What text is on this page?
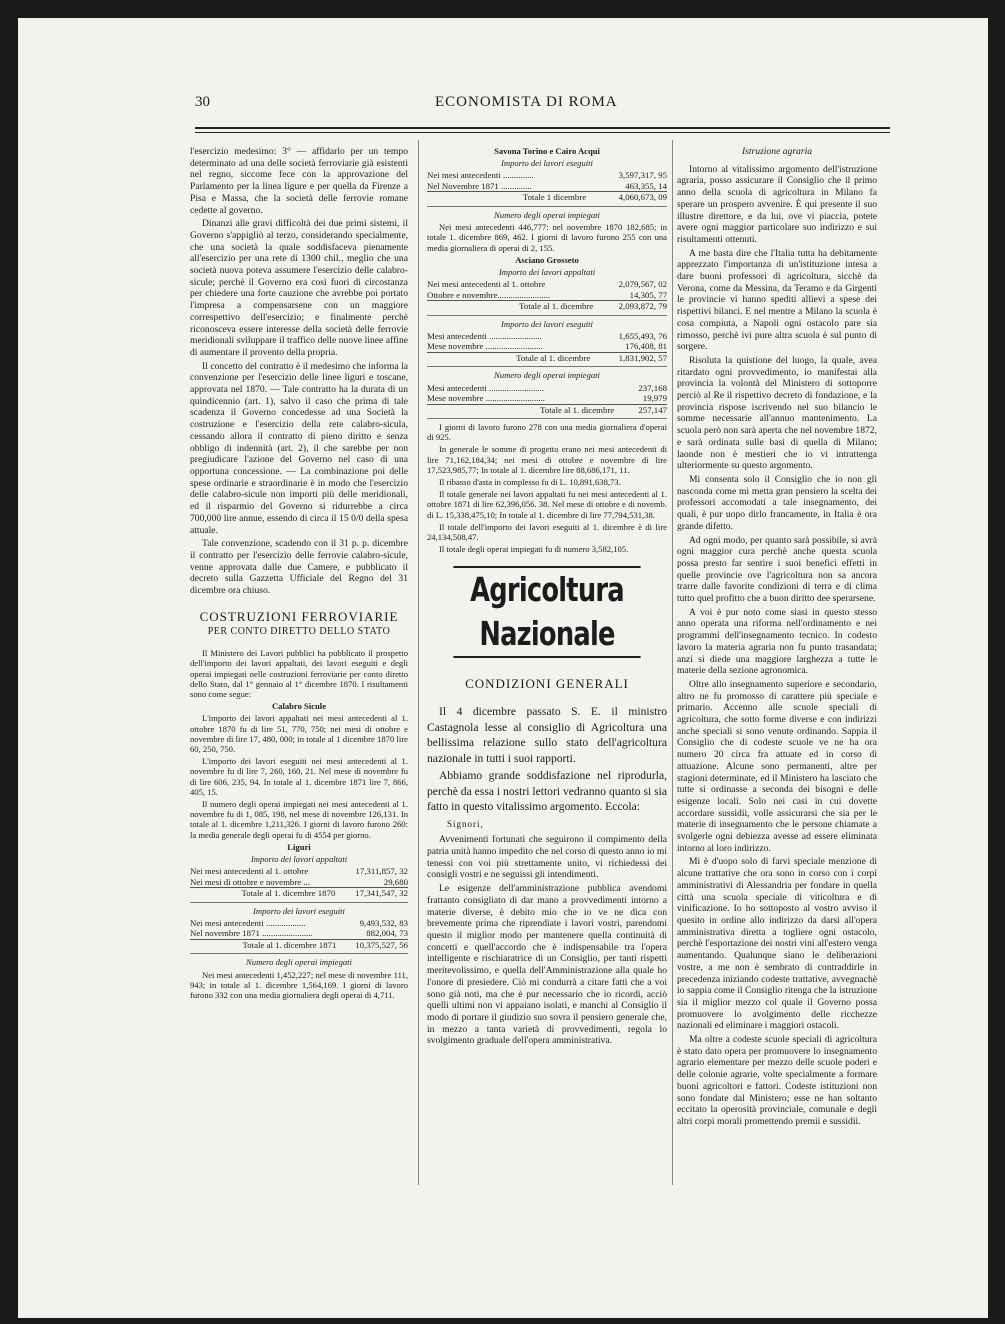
30	ECONOMISTA DI ROMA

l'esercizio medesimo: 3° — affidarlo per un tempo determinato ad una delle società ferroviarie già esistenti nel regno, siccome fece con la approvazione del Parlamento per la linea ligure e per quella da Firenze a Pisa e Massa, che la società delle ferrovie romane cedette al governo.

Dinanzi alle gravi difficoltà dei due primi sistemi, il Governo s'appigliò al terzo, considerando specialmente, che una società la quale soddisfaceva pienamente all'esercizio per una rete di 1300 chil., meglio che una società nuova poteva assumere l'esercizio delle calabro-sicule; perchè il Governo era così fuori di circostanza per chiedere una forte cauzione che avrebbe poi portato l'impresa a compensarsene con un maggiore correspettivo dell'esercizio; e finalmente perchè riconosceva essere interesse della società delle ferrovie meridionali sviluppare il traffico delle nuove linee affine di aumentare il provento della propria.

Il concetto del contratto è il medesimo che informa la convenzione per l'esercizio delle linee liguri e toscane, approvata nel 1870. — Tale contratto ha la durata di un quindicennio (art. 1), salvo il caso che prima di tale scadenza il Governo concedesse ad una Società la costruzione e l'esercizio della rete calabro-sicula, cessando allora il contratto di pieno diritto e senza obbligo di indennità (art. 2), il che sarebbe per non pregiudicare l'azione del Governo nel caso di una opportuna concessione. — La combinazione poi delle spese ordinarie e straordinarie è in modo che l'esercizio delle calabro-sicule non importi più delle meridionali, ed il risparmio del Governo si ridurrebbe a circa 700,000 lire annue, essendo di circa il 15 0/0 della spesa attuale.

Tale convenzione, scadendo con il 31 p. p. dicembre il contratto per l'esercizio delle ferrovie calabro-sicule, venne approvata dalle due Camere, e pubblicato il decreto sulla Gazzetta Ufficiale del Regno del 31 dicembre ora chiuso.

COSTRUZIONI FERROVIARIE
PER CONTO DIRETTO DELLO STATO

Il Ministero dei Lavori pubblici ha pubblicato il prospetto dell'importo dei lavori appaltati, dei lavori eseguiti e degli operai impiegati nelle costruzioni ferroviarie per conto diretto dello Stato, dal 1° gennaio al 1° dicembre 1870. I risultamenti sono come segue:

Calabro Sicule

L'importo dei lavori appaltati nei mesi antecedenti al 1. ottobre 1870 fu di lire 51, 770, 750; nei mesi di ottobre e novembre di lire 17, 480, 000; in totale al 1 dicembre 1870 lire 60, 250, 750.

L'importo dei lavori eseguiti nei mesi antecedenti al 1. novembre fu di lire 7, 260, 160, 21. Nel mese di novembre fu di lire 606, 235, 94. In totale al 1. dicembre 1871 lire 7, 866, 405, 15.

Il numero degli operai impiegati nei mesi antecedenti al 1. novembre fu di 1, 085, 198, nel mese di novembre 126,131. In totale al 1. dicembre 1,211,326. I giorni di lavoro furono 260: la media generale degli operai fu di 4554 per giorno.

Liguri

Importo dei lavori appaltati

Nei mesi antecedenti al 1. ottobre	17,311,857, 32
Nei mesi di ottobre e novembre ...	29,680
Totale al 1. dicembre 1870	17,341,547, 32

Importo dei lavori eseguiti

Nei mesi antecedenti ..................	9,493,532, 83
Nel novembre 1871 .......................	882,004, 73
Totale al 1. dicembre 1871	10,375,527, 56

Numero degli operai impiegati

Nei mesi antecedenti 1,452,227; nel mese di novembre 111, 943; in totale al 1. dicembre 1,564,169. I giorni di lavoro furono 332 con una media giornaliera degli operai di 4,711.

Savona Torino e Cairo Acqui

Importo dei lavori eseguiti

Nei mesi antecedenti ..............	3,597,317, 95
Nel Novembre 1871 ..............	463,355, 14
Totale 1 dicembre	4,060,673, 09

Numero degli operai impiegati

Nei mesi antecedenti 446,777: nel novembre 1870 182,685; in totale 1. dicembre 869, 462. I giorni di lavoro furono 255 con una media giornaliera di operai di 2, 155.

Asciano Grosseto

Importo dei lavori appaltati

Nei mesi antecedenti al 1. ottobre	2,079,567, 02
Ottobre e novembre........................	14,305, 77
Totale al 1. dicembre	2,093,872, 79

Importo dei lavori eseguiti

Mesi antecedenti ........................	1,655,493, 76
Mese novembre ..........................	176,408, 81
Totale al 1. dicembre	1,831,902, 57

Numero degli operai impiegati

Mesi antecedenti .........................	237,168
Mese novembre ...........................	19,979
Totale al 1. dicembre	257,147

I giorni di lavoro furono 278 con una media giornaliera d'operai di 925.

In generale le somme di progetto erano nei mesi antecedenti di lire 71,162,184,34; nei mesi di ottobre e novembre di lire 17,523,985,77; In totale al 1. dicembre lire 88,686,171, 11.

Il ribasso d'asta in complesso fu di L. 10,891,638,73.

Il totale generale nei lavori appaltati fu nei mesi antecedenti al 1. ottobre 1871 di lire 62,396,056. 38. Nel mese di ottobre e di novemb. di L. 15,338,475,10; In totale al 1. dicembre di lire 77,794,531,38.

Il totale dell'importo dei lavori eseguiti al 1. dicembre è di lire 24,134,508,47.

Il totale degli operai impiegati fu di numero 3,582,105.

Agricoltura Nazionale
CONDIZIONI GENERALI

Il 4 dicembre passato S. E. il ministro Castagnola lesse al consiglio di Agricoltura una bellissima relazione sullo stato dell'agricoltura nazionale in tutti i suoi rapporti.

Abbiamo grande soddisfazione nel riprodurla, perchè da essa i nostri lettori vedranno quanto si sia fatto in questo vitalissimo argomento. Eccola:

Signori,

Avvenimenti fortunati che seguirono il compimento della patria unità hanno impedito che nel corso di questo anno io mi tenessi con voi più strettamente unito, vi richiedessi dei consigli vostri e ne seguissi gli intendimenti.

Le esigenze dell'amministrazione pubblica avendomi frattanto consigliato di dar mano a provvedimenti intorno a materie diverse, è debito mio che io ve ne dica con brevemente prima che riprendiate i lavori vostri, parendomi questo il miglior modo per mantenere quella continuità di concetti e quell'accordo che è indispensabile tra l'opera intelligente e rischiaratrice di un Consiglio, per tanti rispetti meritevolissimo, e quella dell'Amministrazione alla quale ho l'onore di presiedere. Ciò mi condurrà a citare fatti che a voi sono già noti, ma che è pur necessario che io ricordi, acciò quelli ultimi non vi appaiano isolati, e manchi al Consiglio il modo di portare il giudizio suo sovra il pensiero generale che, in mezzo a tanta varietà di provvedimenti, regola lo svolgimento graduale dell'opera amministrativa.

Istruzione agraria

Intorno al vitalissimo argomento dell'istruzione agraria, posso assicurare il Consiglio che il primo anno della scuola di agricoltura in Milano fa sperare un prospero avvenire. È qui presente il suo illustre direttore, e da lui, ove vi piaccia, potete avere ogni maggior particolare suo indirizzo e sui risultamenti ottenuti.

A me basta dire che l'Italia tutta ha debitamente apprezzato l'importanza di un'istituzione intesa a dare buoni professori di agricoltura, sicchè da Verona, come da Messina, da Teramo e da Girgenti le provincie vi hanno spediti allievi a spese dei rispettivi bilanci. E nel mentre a Milano la scuola è cosa compiuta, a Napoli ogni ostacolo pare sia rimosso, perchè ivi pure altra scuola è sul punto di sorgere.

Risoluta la quistione del luogo, la quale, avea ritardato ogni provvedimento, io manifestai alla provincia la volontà del Ministero di sottoporre perciò al Re il rispettivo decreto di fondazione, e la provincia rispose iscrivendo nel suo bilancio le somme necessarie all'annuo mantenimento. La scuola però non sarà aperta che nel novembre 1872, e sarà ordinata sulle basi di quella di Milano; laonde non è mestieri che io vi intrattenga ulteriormente su questo argomento.

Mi consenta solo il Consiglio che io non gli nasconda come mi metta gran pensiero la scelta dei professori accomodati a tale insegnamento, dei quali, è pur uopo dirlo francamente, in Italia è ora grande difetto.

Ad ogni modo, per quanto sarà possibile, si avrà ogni maggior cura perchè anche questa scuola possa presto far sentire i suoi benefici effetti in quelle provincie ove l'agricoltura non sa ancora trarre dalle favorite condizioni di terra e di clima tutto quel profitto che a buon diritto dee sperarsene.

A voi è pur noto come siasi in questo stesso anno operata una riforma nell'ordinamento e nei programmi dell'insegnamento tecnico. In codesto lavoro la materia agraria non fu punto trasandata; anzi si diede una maggiore larghezza a tutte le materie della sezione agronomica.

Oltre allo insegnamento superiore e secondario, altro ne fu promosso di carattere più speciale e primario. Accenno alle scuole speciali di agricoltura, che sotto forme diverse e con indirizzi anche speciali si sono venute ordinando. Sappia il Consiglio che di codeste scuole ve ne ha ora numero 20 circa fra attuate ed in corso di attuazione. Alcune sono permanenti, altre per stagioni determinate, ed il Ministero ha lasciato che tutte si ordinasse a seconda dei bisogni e delle esigenze locali. Solo nei casi in cui dovette accordare sussidii, volle assicurarsi che sia per le materie di insegnamento che le persone chiamate a svolgerle ogni debiezza avesse ad essere eliminata intorno al loro indirizzo.

Mi è d'uopo solo di farvi speciale menzione di alcune trattative che ora sono in corso con i corpi amministrativi di Alessandria per fondare in quella città una scuola speciale di viticoltura e di vinificazione. Io ho sottoposto al vostro avviso il quesito in ordine allo indirizzo da darsi all'opera amministrativa diretta a togliere ogni ostacolo, perchè l'esportazione dei nostri vini all'estero venga aumentando. Qualunque siano le deliberazioni vostre, a me non è sembrato di contraddirle in precedenza iniziando codeste trattative, avvegnachè io sappia come il Consiglio ritenga che la istruzione sia il miglior mezzo col quale il Governo possa promuovere lo avolgimento delle ricchezze nazionali ed eliminare i maggiori ostacoli.

Ma oltre a codeste scuole speciali di agricoltura è stato dato opera per promuovere lo insegnamento agrario elementare per mezzo delle scuole poderi e delle colonie agrarie, volte specialmente a formare buoni agricoltori e fattori. Codeste istituzioni non sono fondate dal Ministero; esse ne han soltanto eccitato la operosità provinciale, comunale e degli altri corpi morali promettendo premii e sussidii.
